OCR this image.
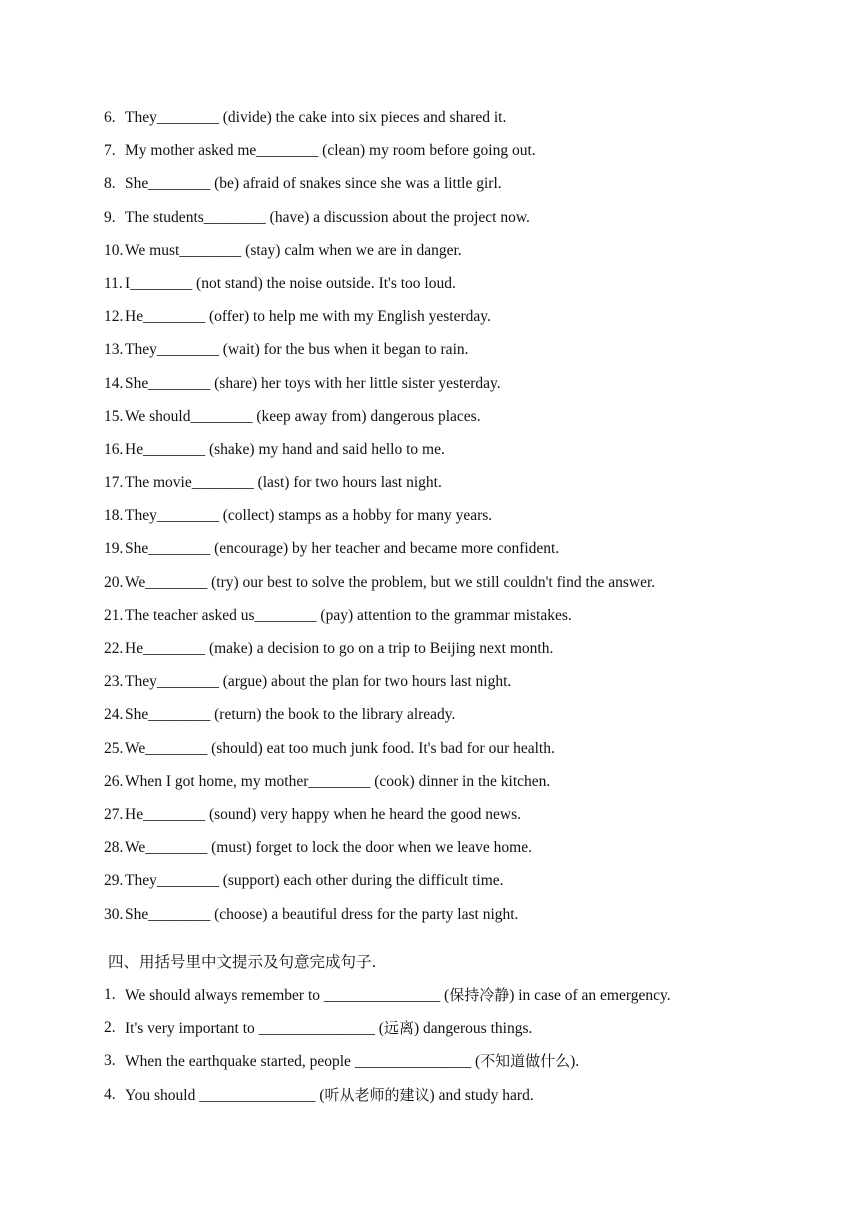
6. They________ (divide) the cake into six pieces and shared it.
7. My mother asked me________ (clean) my room before going out.
8. She________ (be) afraid of snakes since she was a little girl.
9. The students________ (have) a discussion about the project now.
10. We must________ (stay) calm when we are in danger.
11. I________ (not stand) the noise outside. It's too loud.
12. He________ (offer) to help me with my English yesterday.
13. They________ (wait) for the bus when it began to rain.
14. She________ (share) her toys with her little sister yesterday.
15. We should________ (keep away from) dangerous places.
16. He________ (shake) my hand and said hello to me.
17. The movie________ (last) for two hours last night.
18. They________ (collect) stamps as a hobby for many years.
19. She________ (encourage) by her teacher and became more confident.
20. We________ (try) our best to solve the problem, but we still couldn't find the answer.
21. The teacher asked us________ (pay) attention to the grammar mistakes.
22. He________ (make) a decision to go on a trip to Beijing next month.
23. They________ (argue) about the plan for two hours last night.
24. She________ (return) the book to the library already.
25. We________ (should) eat too much junk food. It's bad for our health.
26. When I got home, my mother________ (cook) dinner in the kitchen.
27. He________ (sound) very happy when he heard the good news.
28. We________ (must) forget to lock the door when we leave home.
29. They________ (support) each other during the difficult time.
30. She________ (choose) a beautiful dress for the party last night.
四、用括号里中文提示及句意完成句子.
1. We should always remember to _______________ (保持冷静) in case of an emergency.
2. It's very important to _______________ (远离) dangerous things.
3. When the earthquake started, people _______________ (不知道做什么).
4. You should _______________ (听从老师的建议) and study hard.
